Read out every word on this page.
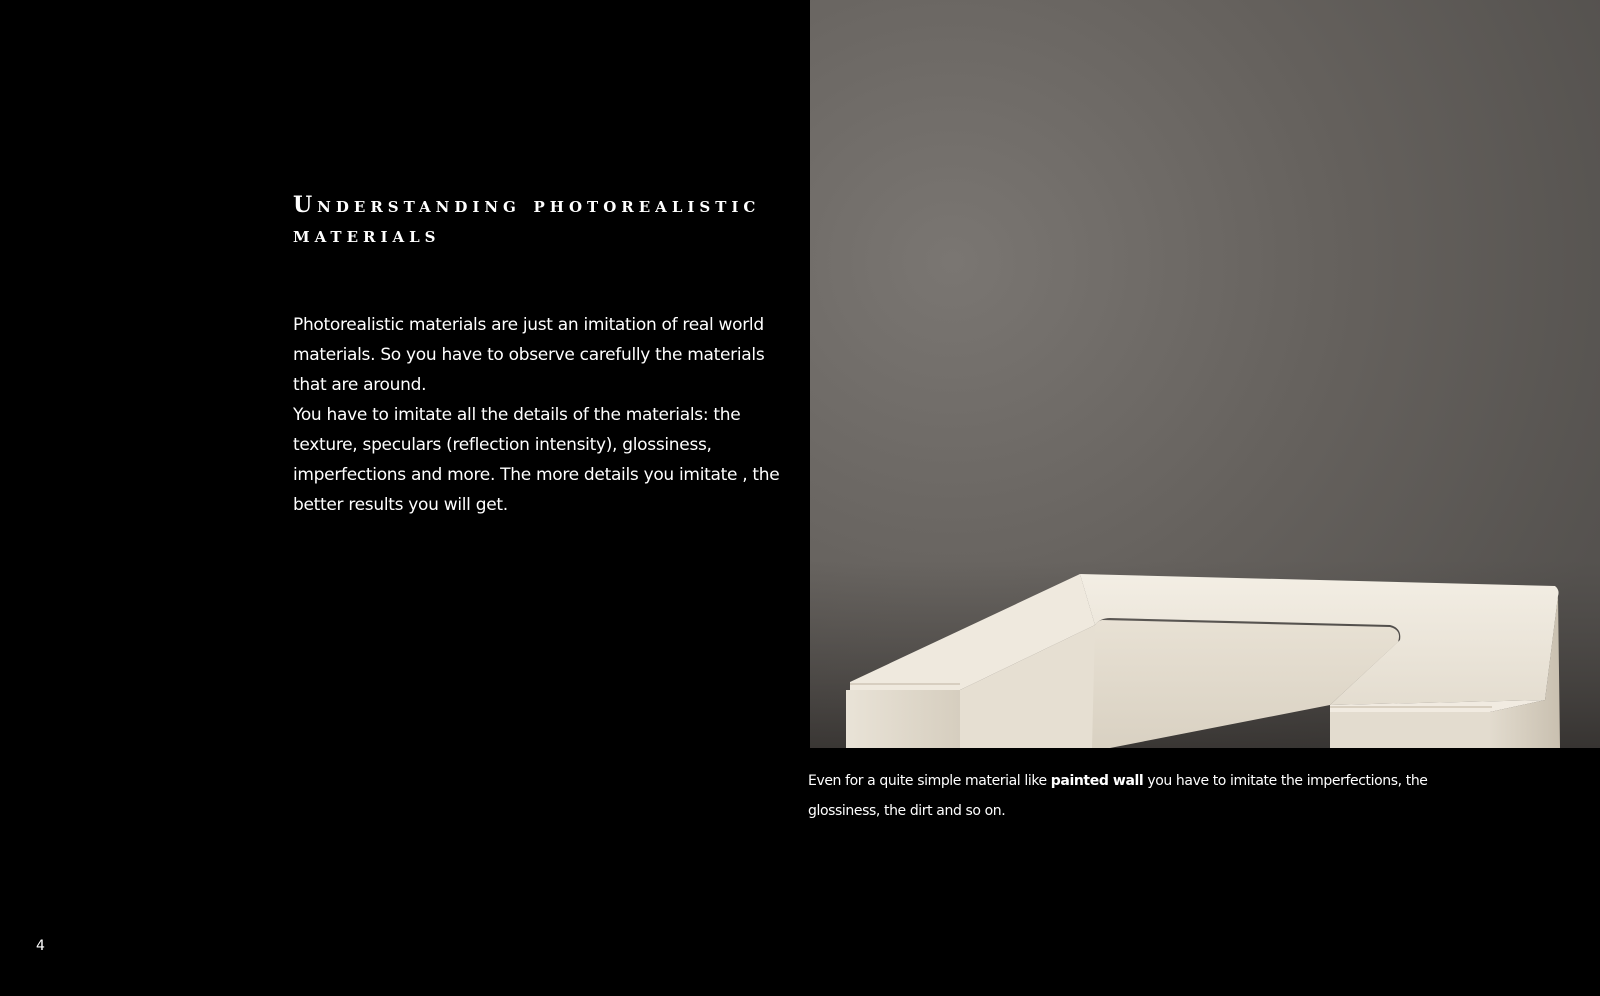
Understanding photorealistic materials

Photorealistic materials are just an imitation of real world materials. So you have to observe carefully the materials that are around.

You have to imitate all the details of the materials: the texture, speculars (reflection intensity), glossiness, imperfections and more. The more details you imitate , the better results you will get.

Even for a quite simple material like painted wall you have to imitate the imperfections, the glossiness, the dirt and so on.
4
